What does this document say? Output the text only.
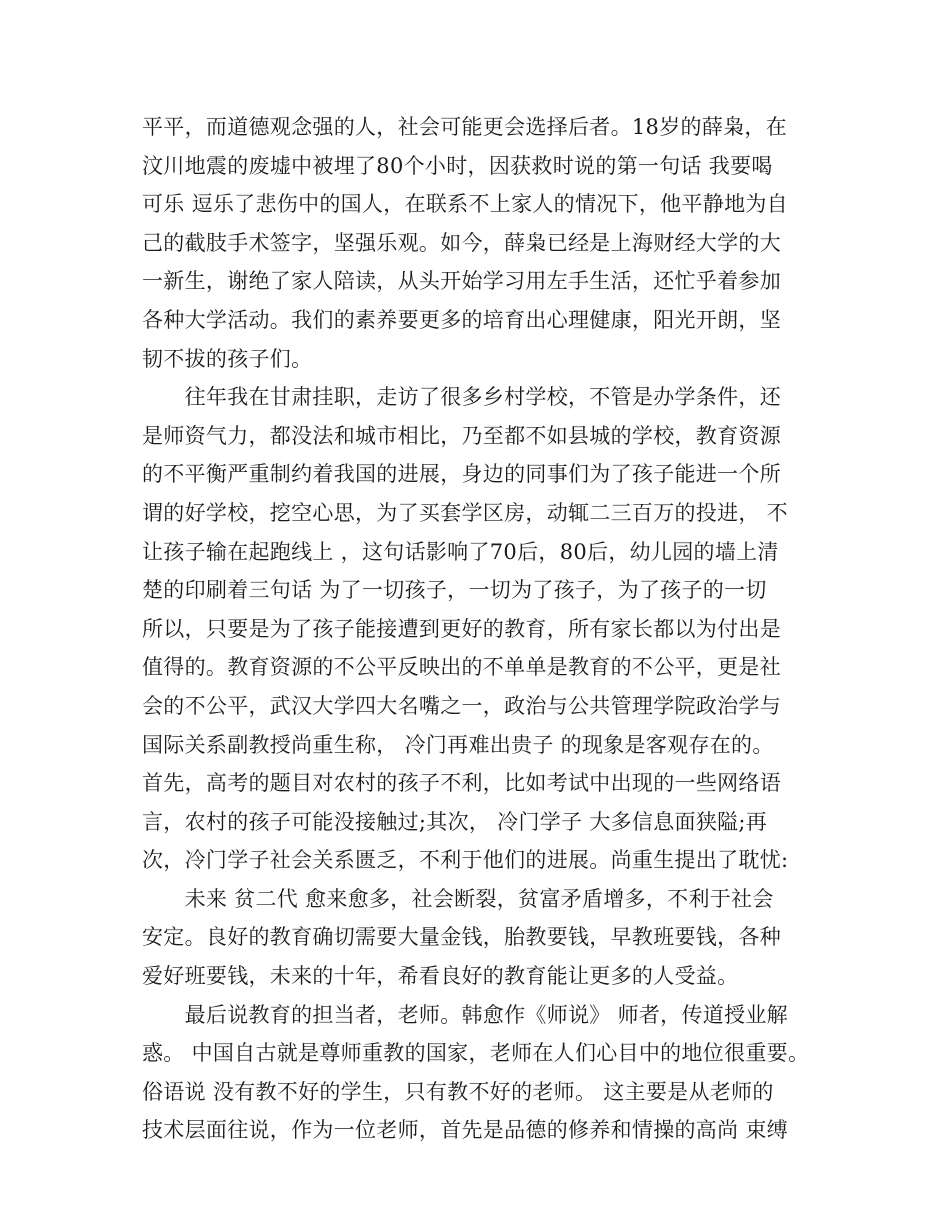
平平，而道德观念强的人，社会可能更会选择后者。18岁的薛枭，在
汶川地震的废墟中被埋了80个小时，因获救时说的第一句话 我要喝
可乐 逗乐了悲伤中的国人，在联系不上家人的情况下，他平静地为自
己的截肢手术签字，坚强乐观。如今，薛枭已经是上海财经大学的大
一新生，谢绝了家人陪读，从头开始学习用左手生活，还忙乎着参加
各种大学活动。我们的素养要更多的培育出心理健康，阳光开朗，坚
韧不拔的孩子们。
　　往年我在甘肃挂职，走访了很多乡村学校，不管是办学条件，还
是师资气力，都没法和城市相比，乃至都不如县城的学校，教育资源
的不平衡严重制约着我国的进展，身边的同事们为了孩子能进一个所
谓的好学校，挖空心思，为了买套学区房，动辄二三百万的投进， 不
让孩子输在起跑线上 ，这句话影响了70后，80后，幼儿园的墙上清
楚的印刷着三句话 为了一切孩子，一切为了孩子，为了孩子的一切
所以，只要是为了孩子能接遭到更好的教育，所有家长都以为付出是
值得的。教育资源的不公平反映出的不单单是教育的不公平，更是社
会的不公平，武汉大学四大名嘴之一，政治与公共管理学院政治学与
国际关系副教授尚重生称， 冷门再难出贵子 的现象是客观存在的。
首先，高考的题目对农村的孩子不利，比如考试中出现的一些网络语
言，农村的孩子可能没接触过;其次， 冷门学子 大多信息面狭隘;再
次，冷门学子社会关系匮乏，不利于他们的进展。尚重生提出了耽忧:
　　未来 贫二代 愈来愈多，社会断裂，贫富矛盾增多，不利于社会
安定。良好的教育确切需要大量金钱，胎教要钱，早教班要钱，各种
爱好班要钱，未来的十年，希看良好的教育能让更多的人受益。
　　最后说教育的担当者，老师。韩愈作《师说》 师者，传道授业解
惑。 中国自古就是尊师重教的国家，老师在人们心目中的地位很重要。
俗语说 没有教不好的学生，只有教不好的老师。 这主要是从老师的
技术层面往说，作为一位老师，首先是品德的修养和情操的高尚 束缚
